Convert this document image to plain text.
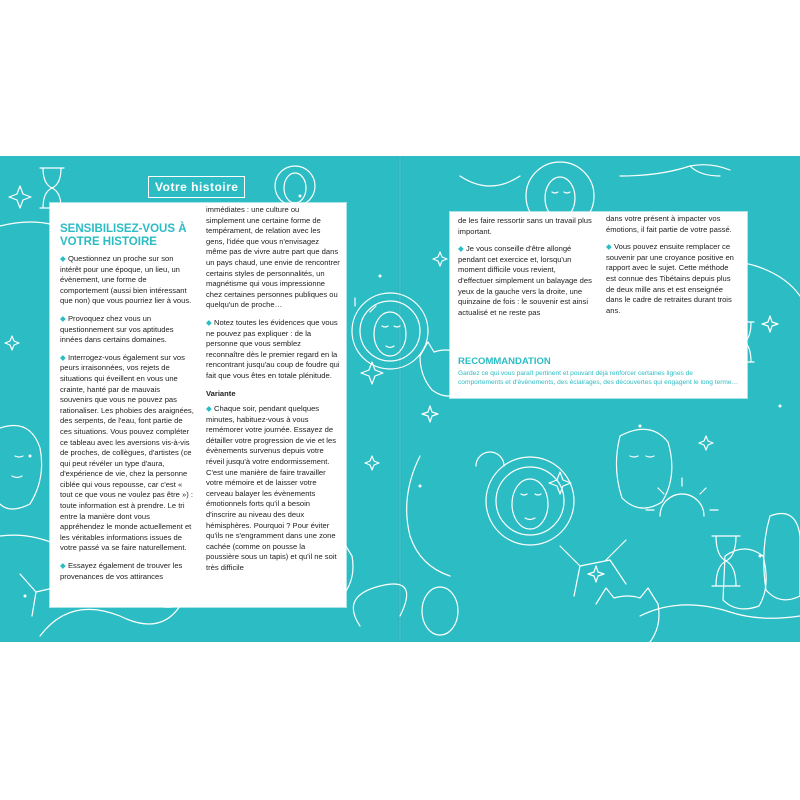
Votre histoire
SENSIBILISEZ-VOUS À VOTRE HISTOIRE

◆ Questionnez un proche sur son intérêt pour une époque, un lieu, un évènement, une forme de comportement (aussi bien intéressant que non) que vous pourriez lier à vous.

◆ Provoquez chez vous un questionnement sur vos aptitudes innées dans certains domaines.

◆ Interrogez-vous également sur vos peurs irraisonnées, vos rejets de situations qui éveillent en vous une crainte, hanté par de mauvais souvenirs que vous ne pouvez pas rationaliser. Les phobies des araignées, des serpents, de l'eau, font partie de ces situations. Vous pouvez compléter ce tableau avec les aversions vis-à-vis de proches, de collègues, d'artistes (ce qui peut révéler un type d'aura, d'expérience de vie, chez la personne ciblée qui vous repousse, car c'est « tout ce que vous ne voulez pas être ») : toute information est à prendre. Le tri entre la manière dont vous appréhendez le monde actuellement et les véritables informations issues de votre passé va se faire naturellement.

◆ Essayez également de trouver les provenances de vos attirances

immédiates : une culture ou simplement une certaine forme de tempérament, de relation avec les gens, l'idée que vous n'envisagez même pas de vivre autre part que dans un pays chaud, une envie de rencontrer certains styles de personnalités, un magnétisme qui vous impressionne chez certaines personnes publiques ou quelqu'un de proche…

◆ Notez toutes les évidences que vous ne pouvez pas expliquer : de la personne que vous semblez reconnaître dès le premier regard en la rencontrant jusqu'au coup de foudre qui fait que vous êtes en totale plénitude.

Variante

◆ Chaque soir, pendant quelques minutes, habituez-vous à vous remémorer votre journée. Essayez de détailler votre progression de vie et les évènements survenus depuis votre réveil jusqu'à votre endormissement. C'est une manière de faire travailler votre mémoire et de laisser votre cerveau balayer les évènements émotionnels forts qu'il a besoin d'inscrire au niveau des deux hémisphères. Pourquoi ? Pour éviter qu'ils ne s'engramment dans une zone cachée (comme on pousse la poussière sous un tapis) et qu'il ne soit très difficile

de les faire ressortir sans un travail plus important.

◆ Je vous conseille d'être allongé pendant cet exercice et, lorsqu'un moment difficile vous revient, d'effectuer simplement un balayage des yeux de la gauche vers la droite, une quinzaine de fois : le souvenir est ainsi actualisé et ne reste pas

dans votre présent à impacter vos émotions, il fait partie de votre passé.

◆ Vous pouvez ensuite remplacer ce souvenir par une croyance positive en rapport avec le sujet. Cette méthode est connue des Tibétains depuis plus de deux mille ans et est enseignée dans le cadre de retraites durant trois ans.

RECOMMANDATION

Gardez ce qui vous paraît pertinent et pouvant déjà renforcer certaines lignes de comportements et d'évènements, des éclairages, des découvertes qui engagent le long terme…
